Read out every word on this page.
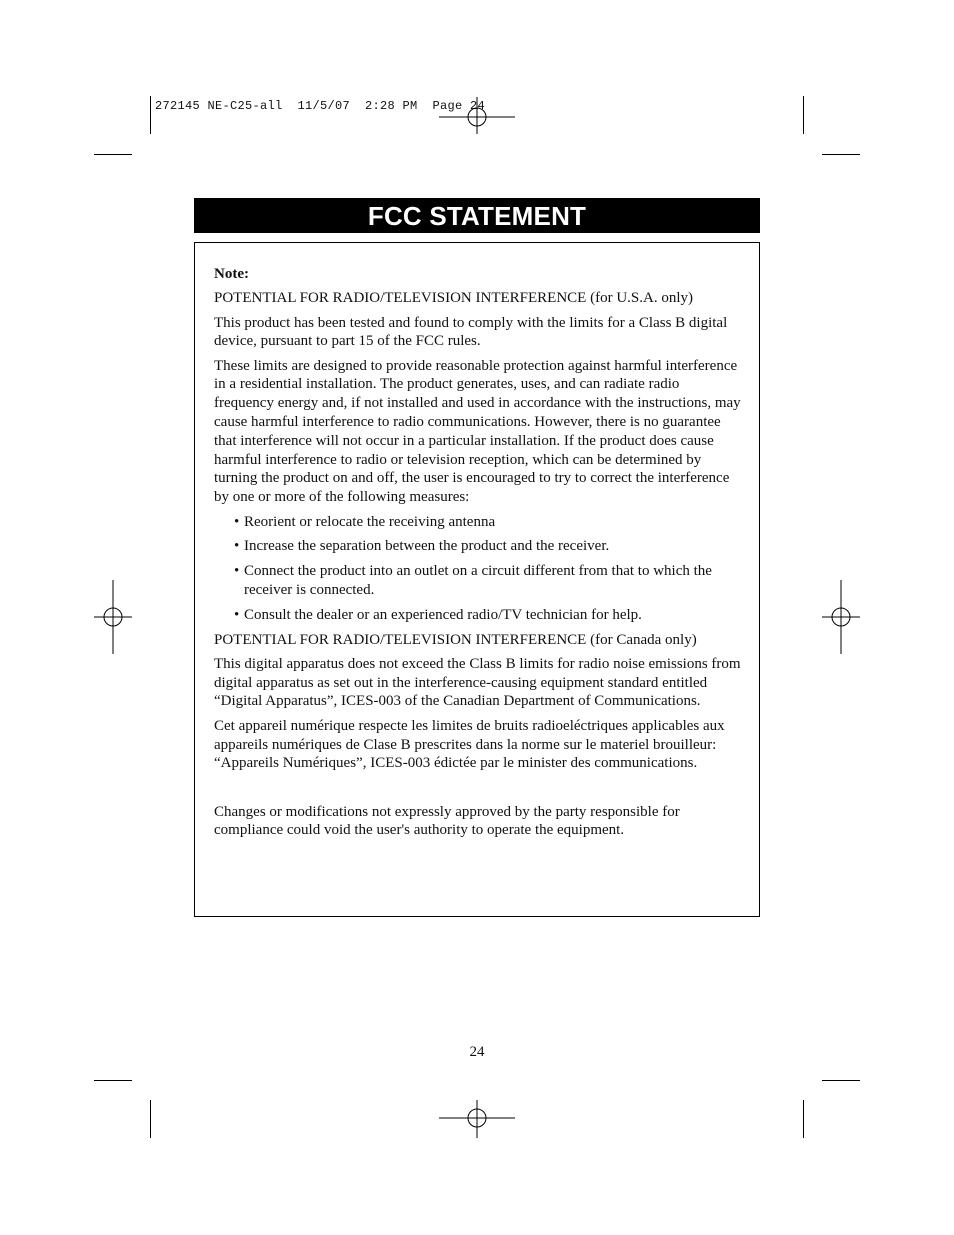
272145 NE-C25-all  11/5/07  2:28 PM  Page 24
FCC STATEMENT

Note:

POTENTIAL FOR RADIO/TELEVISION INTERFERENCE (for U.S.A. only)

This product has been tested and found to comply with the limits for a Class B digital device, pursuant to part 15 of the FCC rules.

These limits are designed to provide reasonable protection against harmful interference in a residential installation. The product generates, uses, and can radiate radio frequency energy and, if not installed and used in accordance with the instructions, may cause harmful interference to radio communications. However, there is no guarantee that interference will not occur in a particular installation. If the product does cause harmful interference to radio or television reception, which can be determined by turning the product on and off, the user is encouraged to try to correct the interference by one or more of the following measures:

• Reorient or relocate the receiving antenna
• Increase the separation between the product and the receiver.
• Connect the product into an outlet on a circuit different from that to which the receiver is connected.
• Consult the dealer or an experienced radio/TV technician for help.

POTENTIAL FOR RADIO/TELEVISION INTERFERENCE (for Canada only)

This digital apparatus does not exceed the Class B limits for radio noise emissions from digital apparatus as set out in the interference-causing equipment standard entitled “Digital Apparatus”, ICES-003 of the Canadian Department of Communications.

Cet appareil numérique respecte les limites de bruits radioeléctriques applicables aux appareils numériques de Clase B prescrites dans la norme sur le materiel brouilleur: “Appareils Numériques”, ICES-003 édictée par le minister des communications.

Changes or modifications not expressly approved by the party responsible for compliance could void the user's authority to operate the equipment.

24
